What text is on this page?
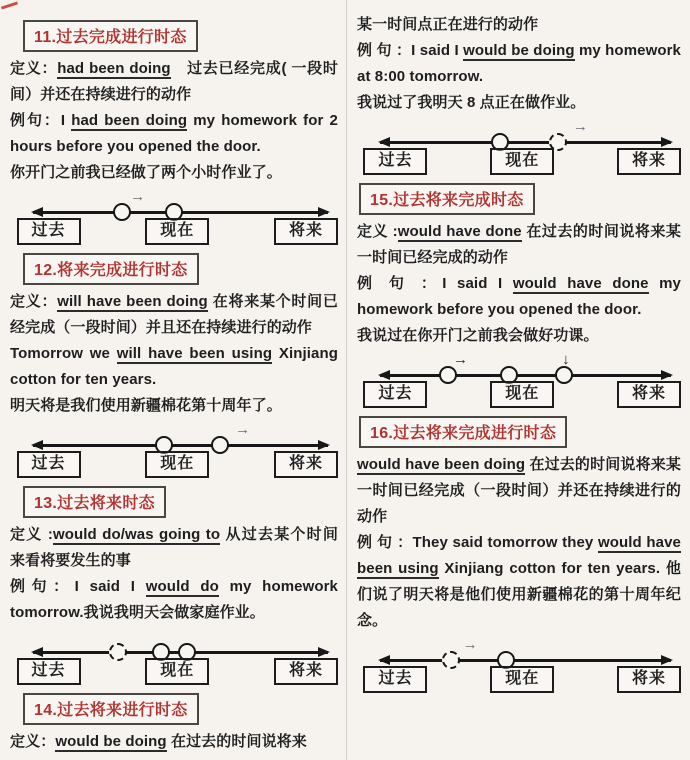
11.过去完成进行时态

定义：had been doing　过去已经完成( 一段时间）并还在持续进行的动作

例句：I had been doing my homework for 2 hours before you opened the door.

你开门之前我已经做了两个小时作业了。

→
过去	现在	将来
12.将来完成进行时态

定义：will have been doing 在将来某个时间已经完成（一段时间）并且还在持续进行的动作

Tomorrow we will have been using Xinjiang cotton for ten years.

明天将是我们使用新疆棉花第十周年了。

→
过去	现在	将来
13.过去将来时态

定义 :would do/was going to 从过去某个时间来看将要发生的事

例句：I said I would do my homework tomorrow.我说我明天会做家庭作业。

过去	现在	将来
14.过去将来进行时态

定义：would be doing 在过去的时间说将来

某一时间点正在进行的动作

例 句 ：I said I would be doing my homework at 8:00 tomorrow.

我说过了我明天 8 点正在做作业。

→
过去	现在	将来
15.过去将来完成时态

定义 :would have done 在过去的时间说将来某一时间已经完成的动作

例 句 ：I said I would have done my homework before you opened the door.

我说过在你开门之前我会做好功课。

→	↓
过去	现在	将来
16.过去将来完成进行时态

would have been doing 在过去的时间说将来某一时间已经完成（一段时间）并还在持续进行的动作

例 句 ：They said tomorrow they would have been using Xinjiang cotton for ten years. 他们说了明天将是他们使用新疆棉花的第十周年纪念。

→
过去	现在	将来
